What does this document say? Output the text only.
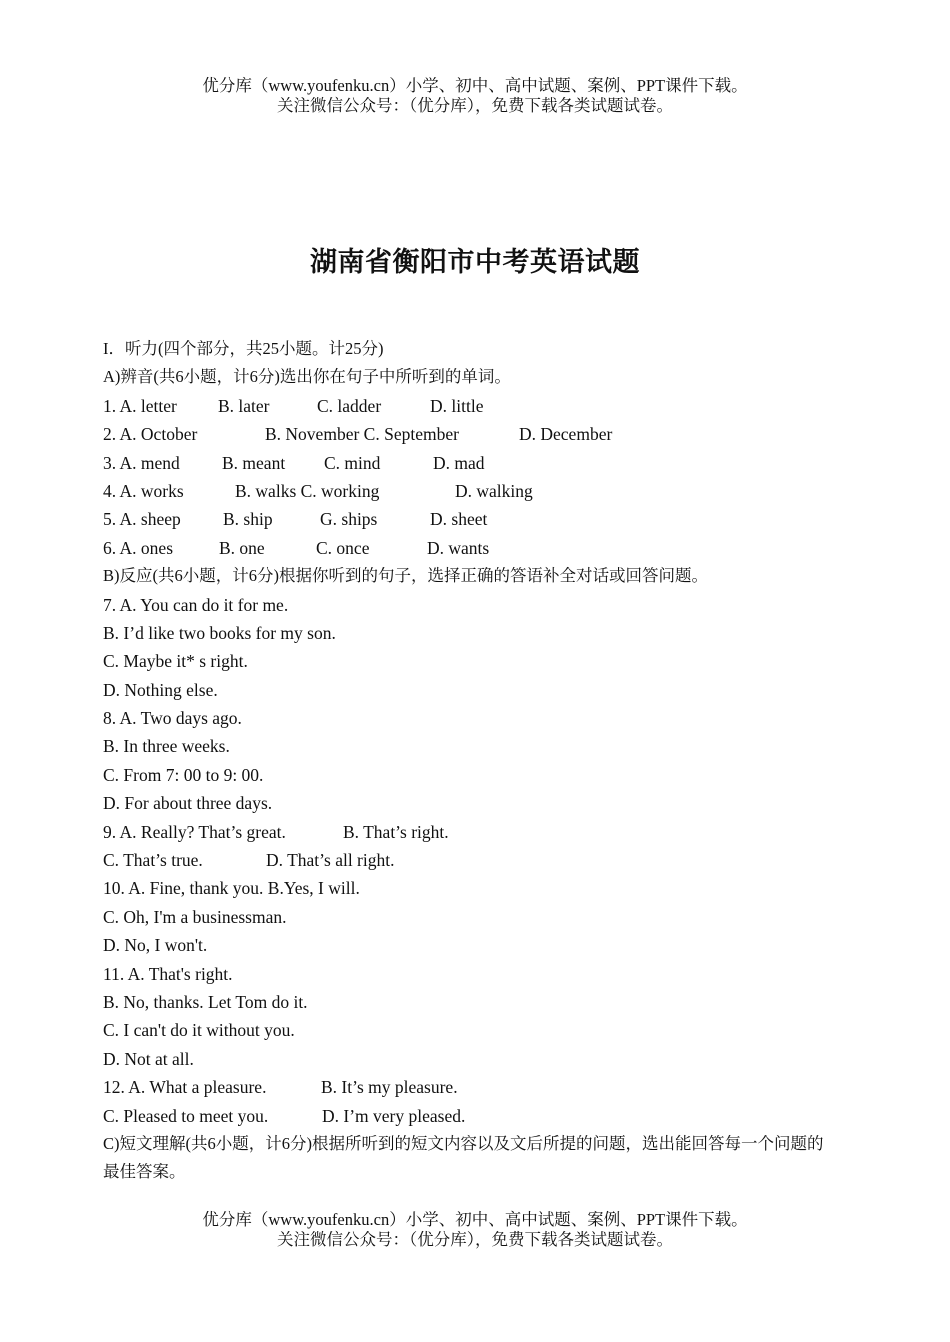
优分库（www.youfenku.cn）小学、初中、高中试题、案例、PPT课件下载。
关注微信公众号：（优分库），免费下载各类试题试卷。
湖南省衡阳市中考英语试题
I．听力(四个部分，共25小题。计25分)
A)辨音(共6小题，计6分)选出你在句子中所听到的单词。
1. A. letter B. later	C. ladder	D. little
2. A. October	B. November C. September	D. December
3. A. mend B. meant C. mind	D. mad
4. A. works	B. walks C. working	D. walking
5. A. sheep B. ship	G. ships	D. sheet
6. A. ones	B. one	C. once	D. wants
B)反应(共6小题，计6分)根据你听到的句子，选择正确的答语补全对话或回答问题。
7. A. You can do it for me.
B. I’d like two books for my son.
C. Maybe it* s right.
D. Nothing else.
8. A. Two days ago.
B. In three weeks.
C. From 7: 00 to 9: 00.
D. For about three days.
9. A. Really? That’s great.	B. That’s right.
C. That’s true.	D. That’s all right.
10. A. Fine, thank you. B.Yes, I will.
C. Oh, I'm a businessman.
D. No, I won't.
11. A. That's right.
B. No, thanks. Let Tom do it.
C. I can't do it without you.
D. Not at all.
12. A. What a pleasure.	B. It’s my pleasure.
C. Pleased to meet you.	D. I’m very pleased.
C)短文理解(共6小题，计6分)根据所听到的短文内容以及文后所提的问题，选出能回答每一个问题的最佳答案。
优分库（www.youfenku.cn）小学、初中、高中试题、案例、PPT课件下载。
关注微信公众号：（优分库），免费下载各类试题试卷。
